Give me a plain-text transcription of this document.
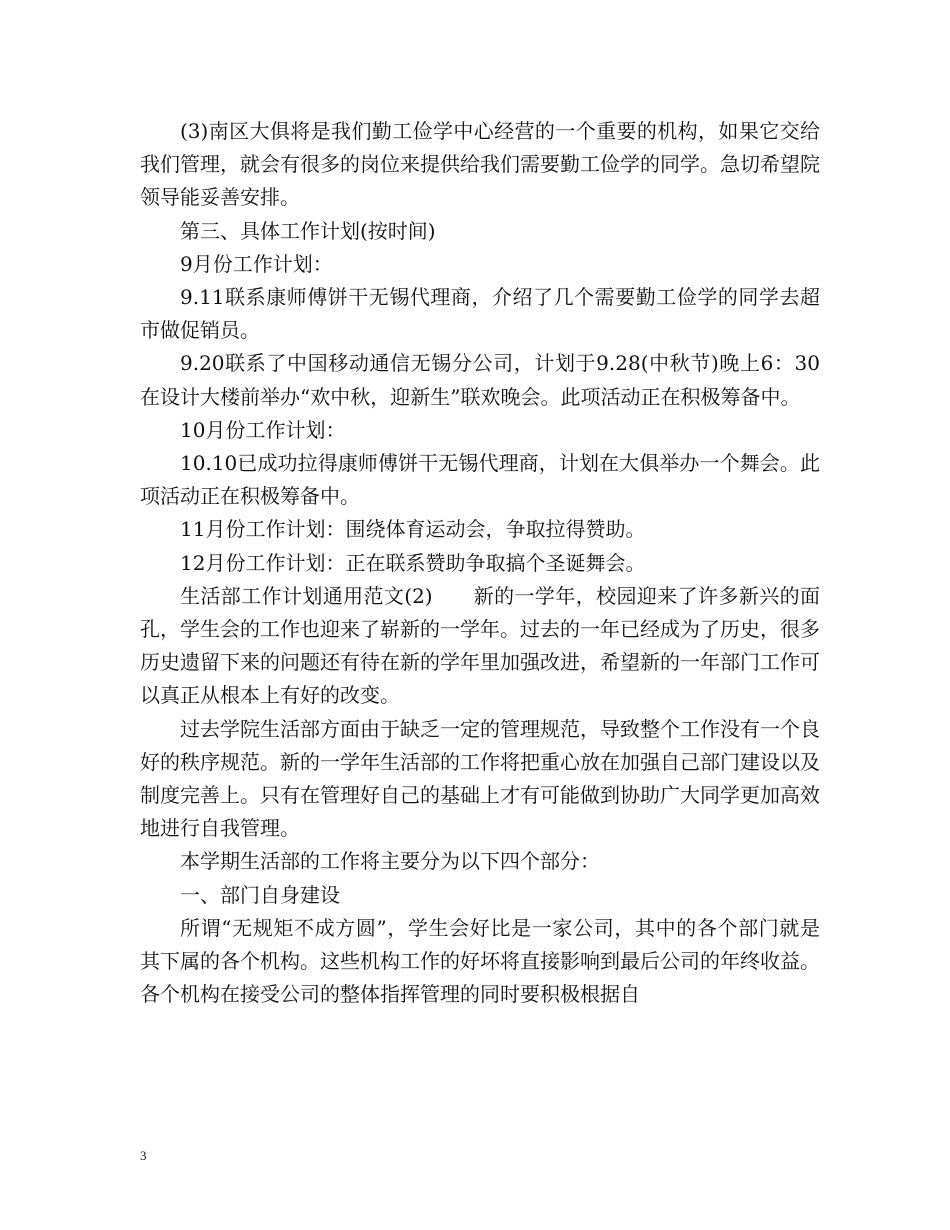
(3)南区大俱将是我们勤工俭学中心经营的一个重要的机构，如果它交给我们管理，就会有很多的岗位来提供给我们需要勤工俭学的同学。急切希望院领导能妥善安排。

第三、具体工作计划(按时间)

9月份工作计划：

9.11联系康师傅饼干无锡代理商，介绍了几个需要勤工俭学的同学去超市做促销员。

9.20联系了中国移动通信无锡分公司，计划于9.28(中秋节)晚上6：30在设计大楼前举办“欢中秋，迎新生”联欢晚会。此项活动正在积极筹备中。

10月份工作计划：

10.10已成功拉得康师傅饼干无锡代理商，计划在大俱举办一个舞会。此项活动正在积极筹备中。

11月份工作计划：围绕体育运动会，争取拉得赞助。

12月份工作计划：正在联系赞助争取搞个圣诞舞会。

生活部工作计划通用范文(2)　　新的一学年，校园迎来了许多新兴的面孔，学生会的工作也迎来了崭新的一学年。过去的一年已经成为了历史，很多历史遗留下来的问题还有待在新的学年里加强改进，希望新的一年部门工作可以真正从根本上有好的改变。

过去学院生活部方面由于缺乏一定的管理规范，导致整个工作没有一个良好的秩序规范。新的一学年生活部的工作将把重心放在加强自己部门建设以及制度完善上。只有在管理好自己的基础上才有可能做到协助广大同学更加高效地进行自我管理。

本学期生活部的工作将主要分为以下四个部分：

一、部门自身建设

所谓“无规矩不成方圆”，学生会好比是一家公司，其中的各个部门就是其下属的各个机构。这些机构工作的好坏将直接影响到最后公司的年终收益。各个机构在接受公司的整体指挥管理的同时要积极根据自

3
